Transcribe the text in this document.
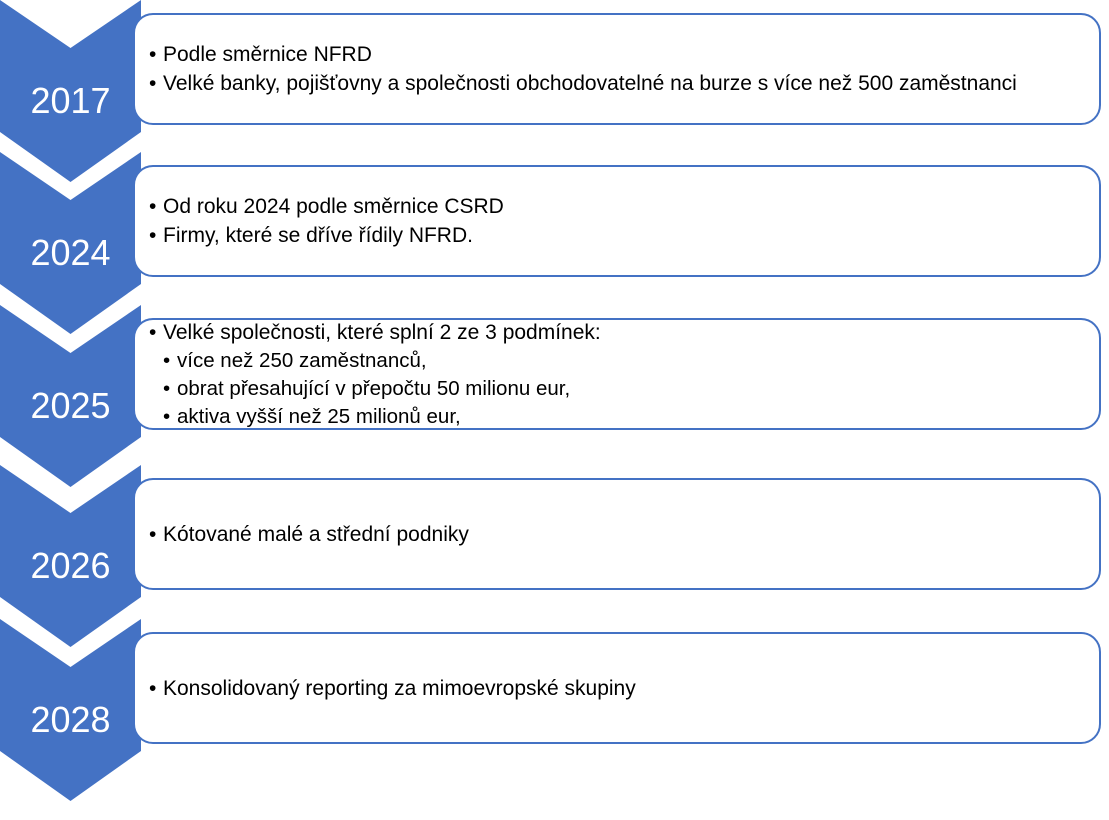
• Podle směrnice NFRD
• Velké banky, pojišťovny a společnosti obchodovatelné na burze s více než 500 zaměstnanci
• Od roku 2024 podle směrnice CSRD
• Firmy, které se dříve řídily NFRD.
• Velké společnosti, které splní 2 ze 3 podmínek:
• více než 250 zaměstnanců,
• obrat přesahující v přepočtu 50 milionu eur,
• aktiva vyšší než 25 milionů eur,
• Kótované malé a střední podniky
• Konsolidovaný reporting za mimoevropské skupiny
2017
2024
2025
2026
2028
